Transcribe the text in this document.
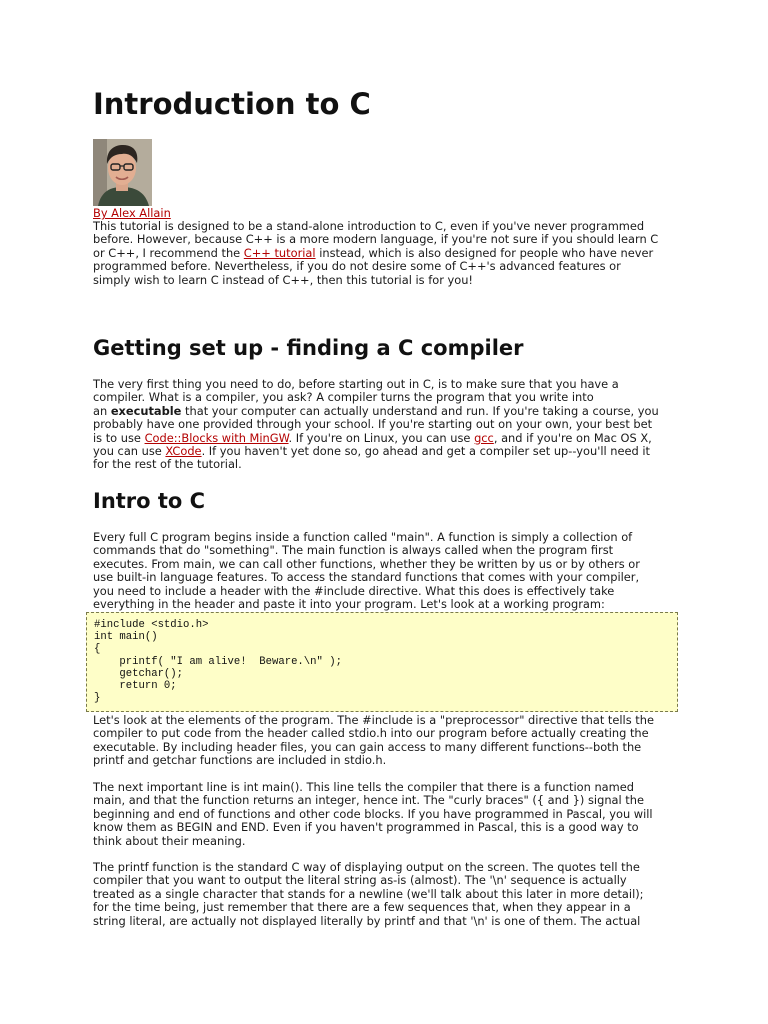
Introduction to C
By Alex Allain
This tutorial is designed to be a stand-alone introduction to C, even if you've never programmed
before. However, because C++ is a more modern language, if you're not sure if you should learn C
or C++, I recommend the C++ tutorial instead, which is also designed for people who have never
programmed before. Nevertheless, if you do not desire some of C++'s advanced features or
simply wish to learn C instead of C++, then this tutorial is for you!
Getting set up - finding a C compiler
The very first thing you need to do, before starting out in C, is to make sure that you have a
compiler. What is a compiler, you ask? A compiler turns the program that you write into
an executable that your computer can actually understand and run. If you're taking a course, you
probably have one provided through your school. If you're starting out on your own, your best bet
is to use Code::Blocks with MinGW. If you're on Linux, you can use gcc, and if you're on Mac OS X,
you can use XCode. If you haven't yet done so, go ahead and get a compiler set up--you'll need it
for the rest of the tutorial.
Intro to C
Every full C program begins inside a function called "main". A function is simply a collection of
commands that do "something". The main function is always called when the program first
executes. From main, we can call other functions, whether they be written by us or by others or
use built-in language features. To access the standard functions that comes with your compiler,
you need to include a header with the #include directive. What this does is effectively take
everything in the header and paste it into your program. Let's look at a working program:
#include <stdio.h>
int main()
{
printf( "I am alive!  Beware.\n" );
getchar();
return 0;
}
Let's look at the elements of the program. The #include is a "preprocessor" directive that tells the
compiler to put code from the header called stdio.h into our program before actually creating the
executable. By including header files, you can gain access to many different functions--both the
printf and getchar functions are included in stdio.h.
The next important line is int main(). This line tells the compiler that there is a function named
main, and that the function returns an integer, hence int. The "curly braces" ({ and }) signal the
beginning and end of functions and other code blocks. If you have programmed in Pascal, you will
know them as BEGIN and END. Even if you haven't programmed in Pascal, this is a good way to
think about their meaning.
The printf function is the standard C way of displaying output on the screen. The quotes tell the
compiler that you want to output the literal string as-is (almost). The '\n' sequence is actually
treated as a single character that stands for a newline (we'll talk about this later in more detail);
for the time being, just remember that there are a few sequences that, when they appear in a
string literal, are actually not displayed literally by printf and that '\n' is one of them. The actual
